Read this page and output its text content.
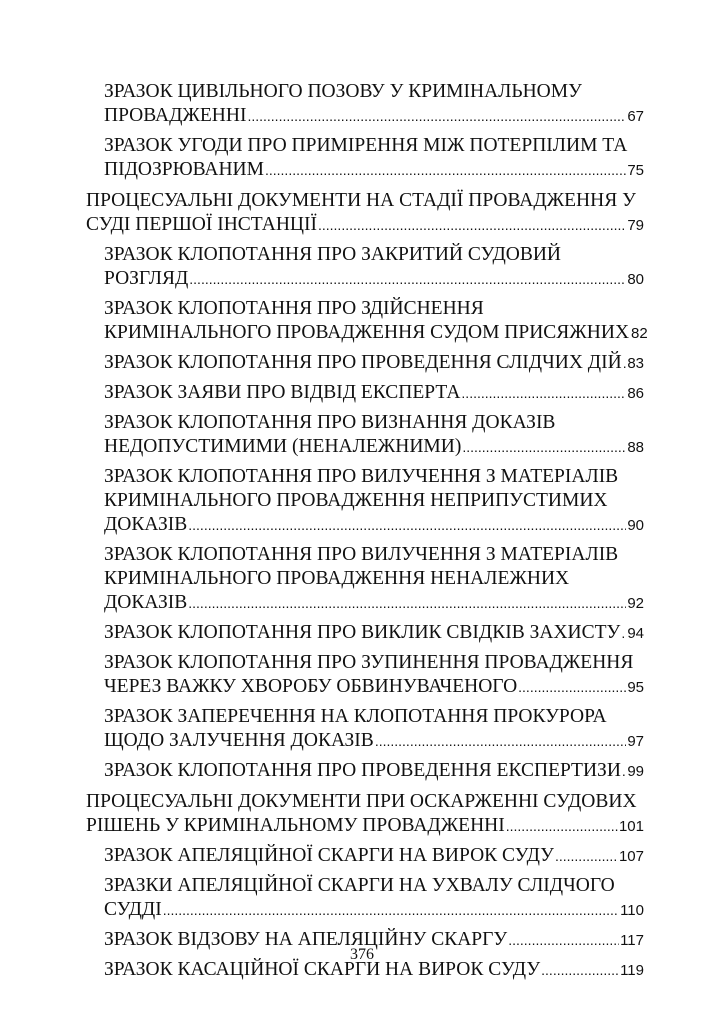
ЗРАЗОК ЦИВІЛЬНОГО ПОЗОВУ У КРИМІНАЛЬНОМУ
ПРОВАДЖЕННІ .....	67
ЗРАЗОК УГОДИ ПРО ПРИМІРЕННЯ МІЖ ПОТЕРПІЛИМ ТА
ПІДОЗРЮВАНИМ .....	75
ПРОЦЕСУАЛЬНІ ДОКУМЕНТИ НА СТАДІЇ ПРОВАДЖЕННЯ У
СУДІ ПЕРШОЇ ІНСТАНЦІЇ .....	79
ЗРАЗОК КЛОПОТАННЯ ПРО ЗАКРИТИЙ СУДОВИЙ
РОЗГЛЯД .....	80
ЗРАЗОК КЛОПОТАННЯ ПРО ЗДІЙСНЕННЯ
КРИМІНАЛЬНОГО ПРОВАДЖЕННЯ СУДОМ ПРИСЯЖНИХ 82
ЗРАЗОК КЛОПОТАННЯ ПРО ПРОВЕДЕННЯ СЛІДЧИХ ДІЙ ..... 83
ЗРАЗОК ЗАЯВИ ПРО ВІДВІД ЕКСПЕРТА .....	86
ЗРАЗОК КЛОПОТАННЯ ПРО ВИЗНАННЯ ДОКАЗІВ
НЕДОПУСТИМИМИ (НЕНАЛЕЖНИМИ) .....	88
ЗРАЗОК КЛОПОТАННЯ ПРО ВИЛУЧЕННЯ З МАТЕРІАЛІВ
КРИМІНАЛЬНОГО ПРОВАДЖЕННЯ НЕПРИПУСТИМИХ
ДОКАЗІВ .....	90
ЗРАЗОК КЛОПОТАННЯ ПРО ВИЛУЧЕННЯ З МАТЕРІАЛІВ
КРИМІНАЛЬНОГО ПРОВАДЖЕННЯ НЕНАЛЕЖНИХ
ДОКАЗІВ .....	92
ЗРАЗОК КЛОПОТАННЯ ПРО ВИКЛИК СВІДКІВ ЗАХИСТУ ..... 94
ЗРАЗОК КЛОПОТАННЯ ПРО ЗУПИНЕННЯ ПРОВАДЖЕННЯ
ЧЕРЕЗ ВАЖКУ ХВОРОБУ ОБВИНУВАЧЕНОГО .....	95
ЗРАЗОК ЗАПЕРЕЧЕННЯ НА КЛОПОТАННЯ ПРОКУРОРА
ЩОДО ЗАЛУЧЕННЯ ДОКАЗІВ .....	97
ЗРАЗОК КЛОПОТАННЯ ПРО ПРОВЕДЕННЯ ЕКСПЕРТИЗИ ..... 99
ПРОЦЕСУАЛЬНІ ДОКУМЕНТИ ПРИ ОСКАРЖЕННІ СУДОВИХ
РІШЕНЬ У КРИМІНАЛЬНОМУ ПРОВАДЖЕННІ .....	101
ЗРАЗОК АПЕЛЯЦІЙНОЇ СКАРГИ НА ВИРОК СУДУ .....	107
ЗРАЗКИ АПЕЛЯЦІЙНОЇ СКАРГИ НА УХВАЛУ СЛІДЧОГО
СУДДІ .....	110
ЗРАЗОК ВІДЗОВУ НА АПЕЛЯЦІЙНУ СКАРГУ .....	117
ЗРАЗОК КАСАЦІЙНОЇ СКАРГИ НА ВИРОК СУДУ .....	119
376
